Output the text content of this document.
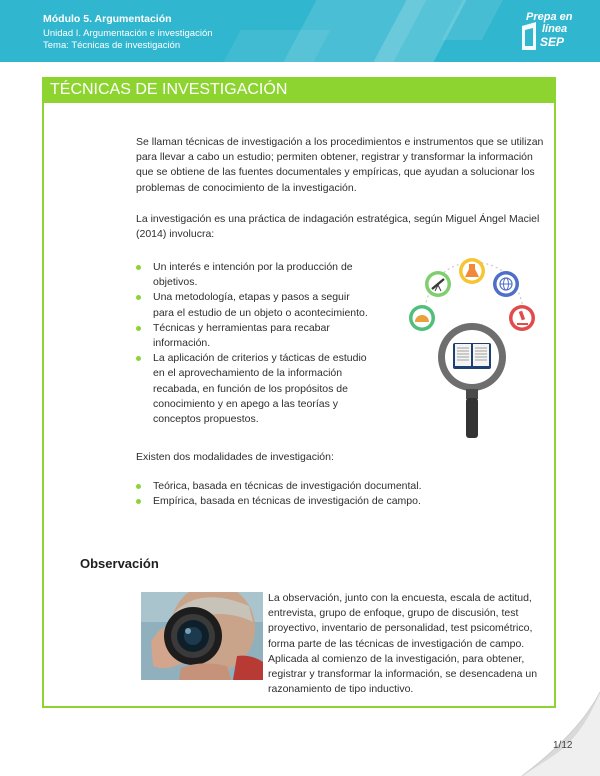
Módulo 5. Argumentación
Unidad I. Argumentación e investigación
Tema: Técnicas de investigación
Prepa en
línea
SEP
TÉCNICAS DE INVESTIGACIÓN

Se llaman técnicas de investigación a los procedimientos e instrumentos que se utilizan para llevar a cabo un estudio; permiten obtener, registrar y transformar la información que se obtiene de las fuentes documentales y empíricas, que ayudan a solucionar los problemas de conocimiento de la investigación.

La investigación es una práctica de indagación estratégica, según Miguel Ángel Maciel (2014) involucra:

Un interés e intención por la producción de objetivos.
Una metodología, etapas y pasos a seguir para el estudio de un objeto o acontecimiento.
Técnicas y herramientas para recabar información.
La aplicación de criterios y tácticas de estudio en el aprovechamiento de la información recabada, en función de los propósitos de conocimiento y en apego a las teorías y conceptos propuestos.

Existen dos modalidades de investigación:

Teórica, basada en técnicas de investigación documental.
Empírica, basada en técnicas de investigación de campo.
Observación

La observación, junto con la encuesta, escala de actitud, entrevista, grupo de enfoque, grupo de discusión, test proyectivo, inventario de personalidad, test psicométrico, forma parte de las técnicas de investigación de campo. Aplicada al comienzo de la investigación, para obtener, registrar y transformar la información, se desencadena un razonamiento de tipo inductivo.

1/12
